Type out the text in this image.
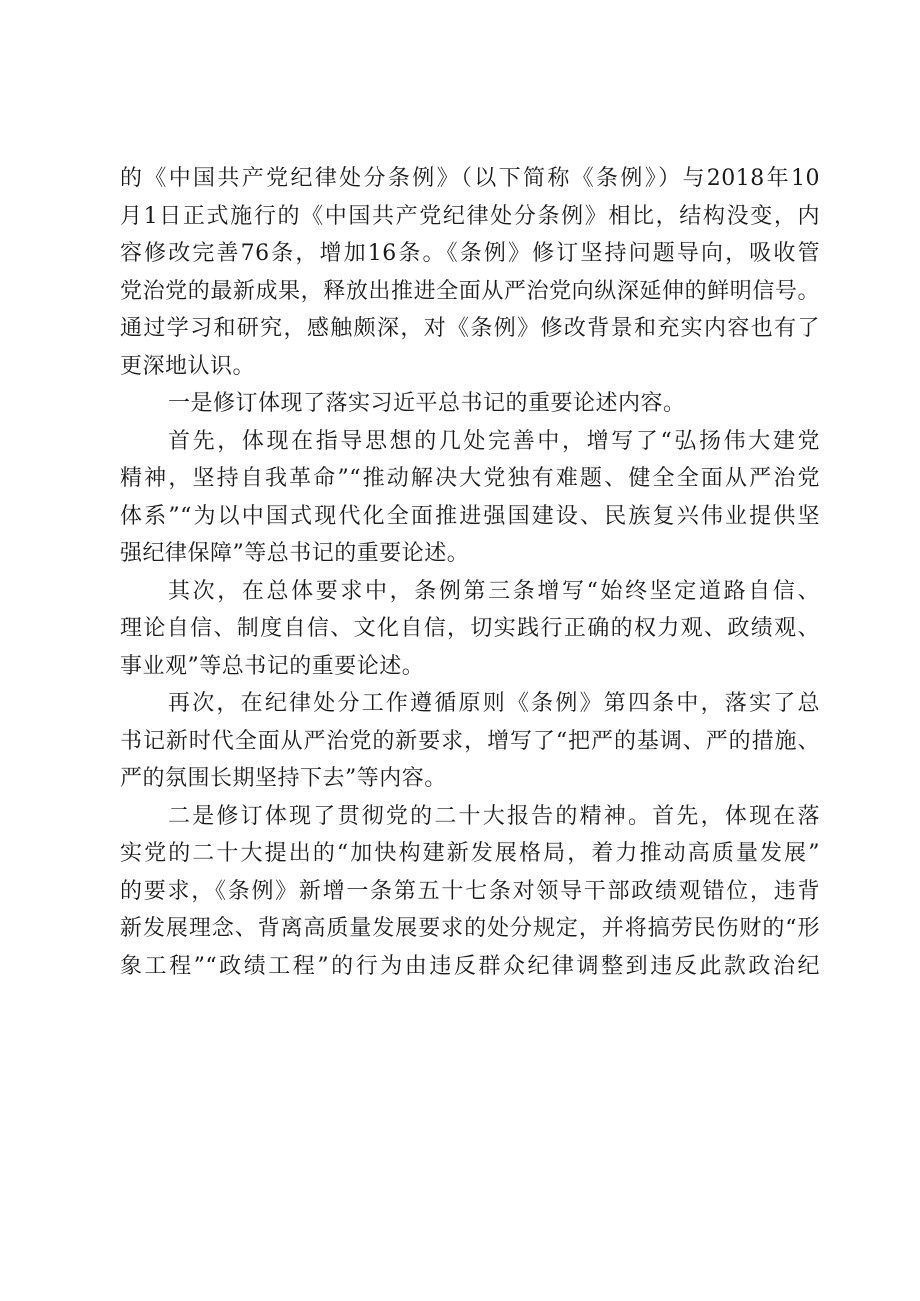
的《中国共产党纪律处分条例》（以下简称《条例》）与2018年10
月1日正式施行的《中国共产党纪律处分条例》相比，结构没变，内
容修改完善76条，增加16条。《条例》修订坚持问题导向，吸收管
党治党的最新成果，释放出推进全面从严治党向纵深延伸的鲜明信号。
通过学习和研究，感触颇深，对《条例》修改背景和充实内容也有了
更深地认识。
一是修订体现了落实习近平总书记的重要论述内容。
首先，体现在指导思想的几处完善中，增写了“弘扬伟大建党
精神，坚持自我革命”“推动解决大党独有难题、健全全面从严治党
体系”“为以中国式现代化全面推进强国建设、民族复兴伟业提供坚
强纪律保障”等总书记的重要论述。
其次，在总体要求中，条例第三条增写“始终坚定道路自信、
理论自信、制度自信、文化自信，切实践行正确的权力观、政绩观、
事业观”等总书记的重要论述。
再次，在纪律处分工作遵循原则《条例》第四条中，落实了总
书记新时代全面从严治党的新要求，增写了“把严的基调、严的措施、
严的氛围长期坚持下去”等内容。
二是修订体现了贯彻党的二十大报告的精神。首先，体现在落
实党的二十大提出的“加快构建新发展格局，着力推动高质量发展”
的要求，《条例》新增一条第五十七条对领导干部政绩观错位，违背
新发展理念、背离高质量发展要求的处分规定，并将搞劳民伤财的“形
象工程”“政绩工程”的行为由违反群众纪律调整到违反此款政治纪
